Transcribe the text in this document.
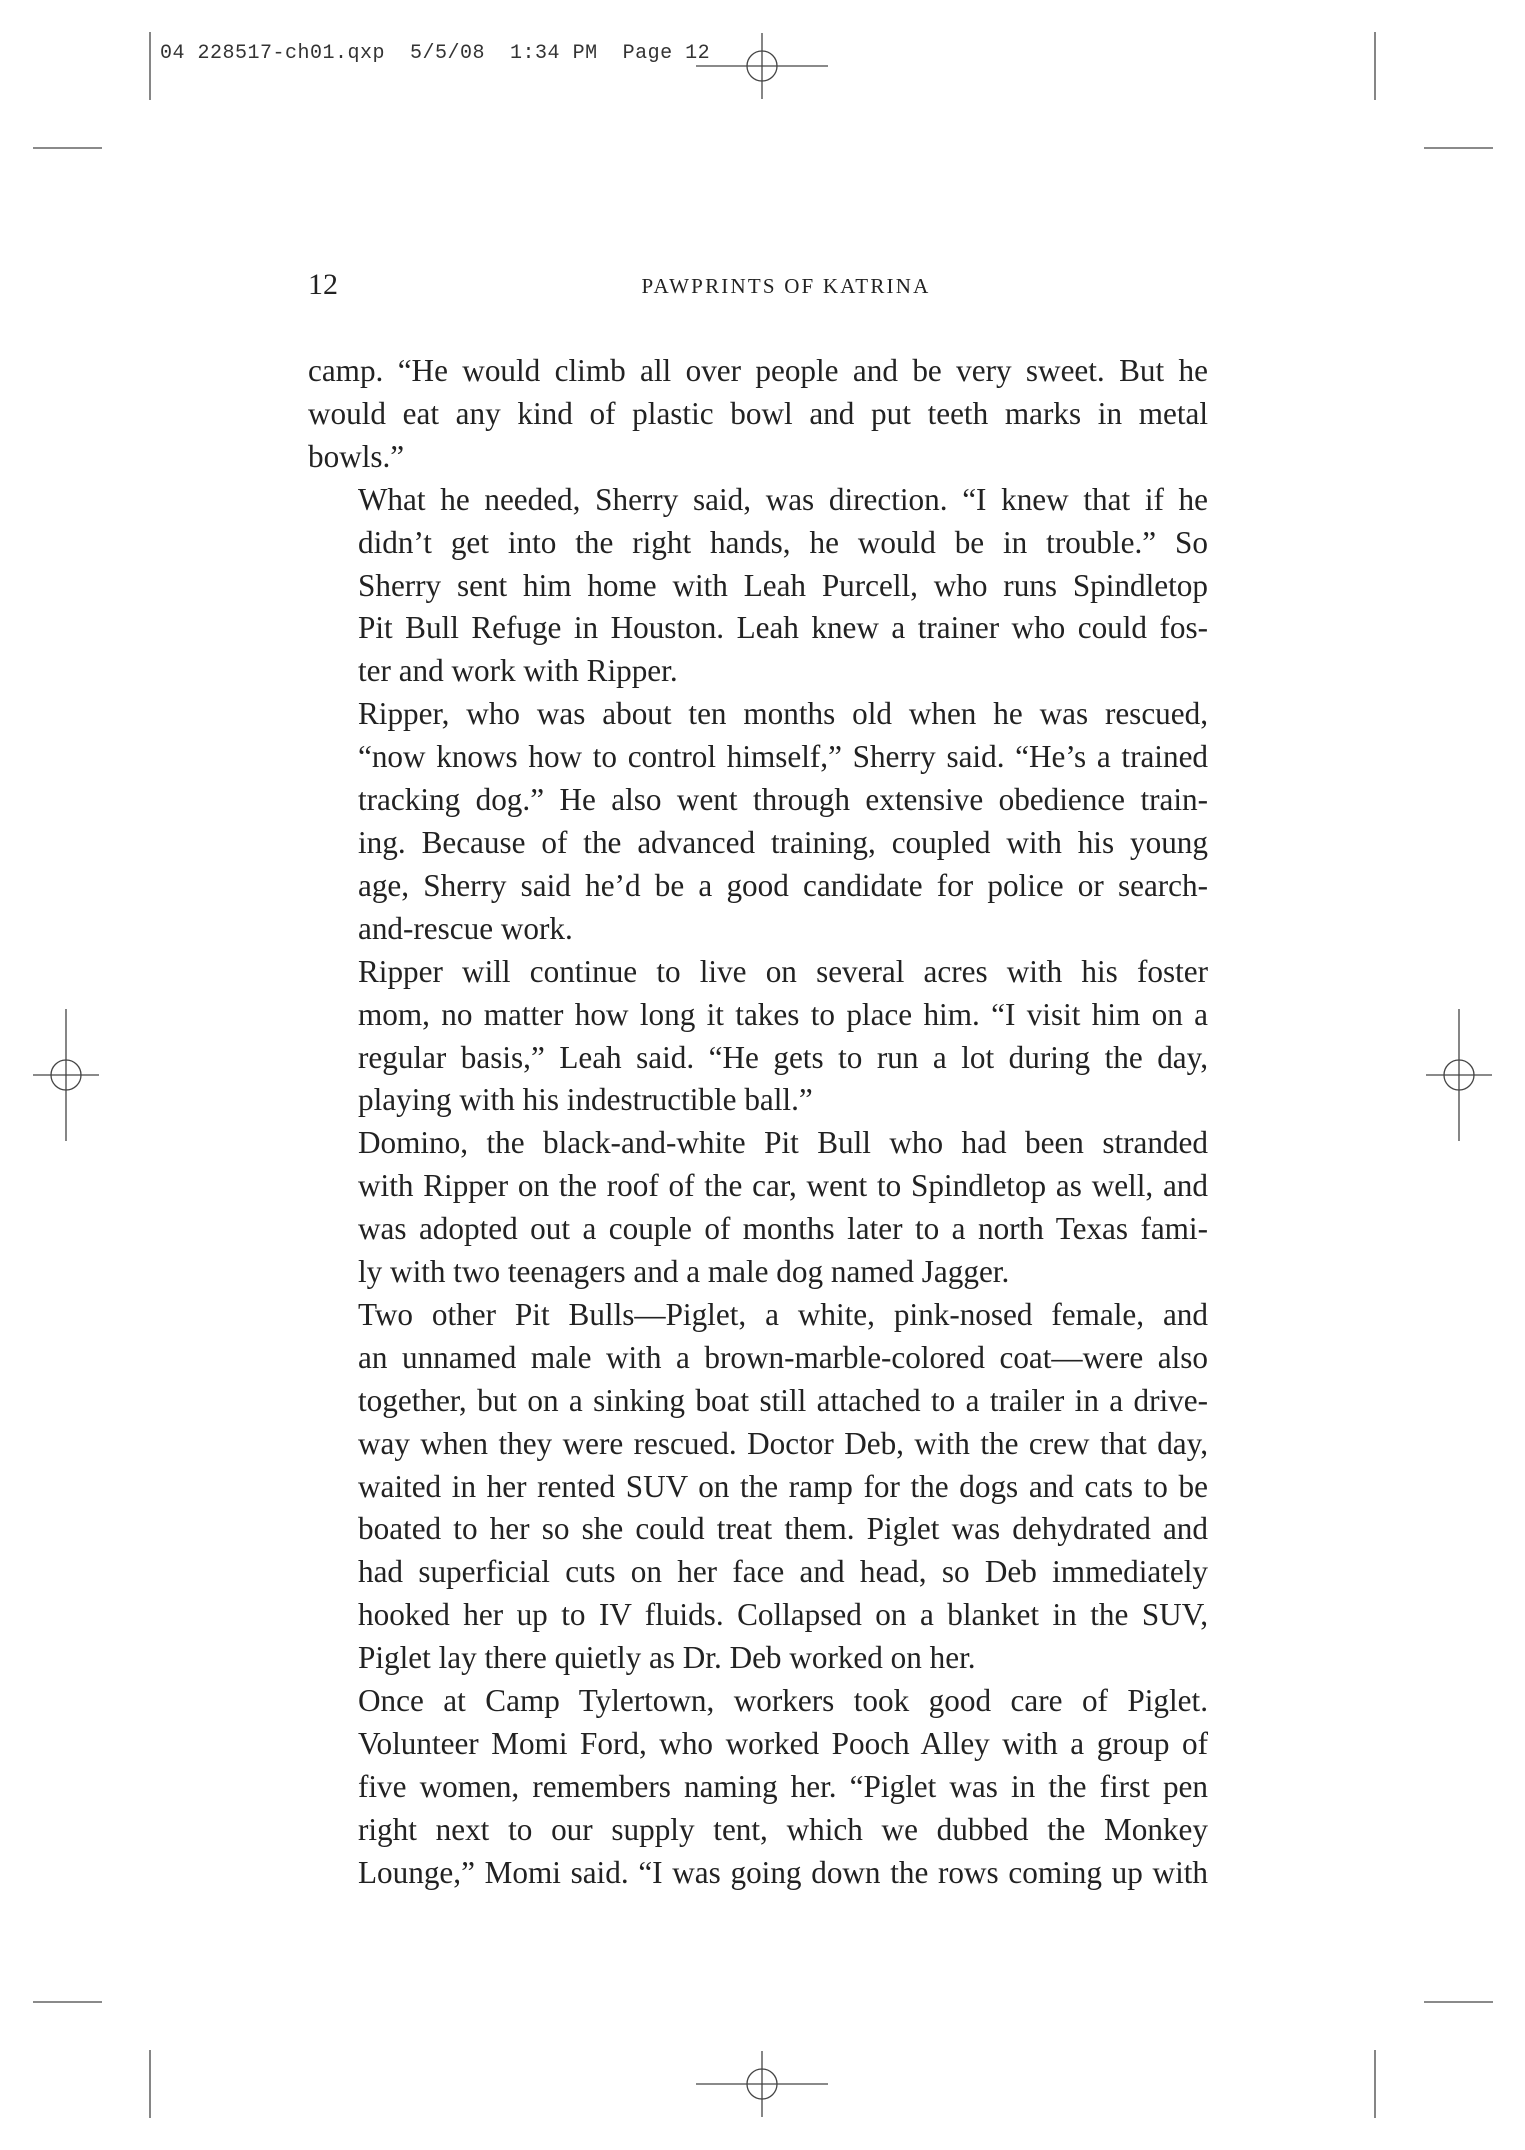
04 228517-ch01.qxp  5/5/08  1:34 PM  Page 12

12	PAWPRINTS OF KATRINA

camp. “He would climb all over people and be very sweet. But he
would eat any kind of plastic bowl and put teeth marks in metal
bowls.”

What he needed, Sherry said, was direction. “I knew that if he
didn’t get into the right hands, he would be in trouble.” So
Sherry sent him home with Leah Purcell, who runs Spindletop
Pit Bull Refuge in Houston. Leah knew a trainer who could fos-
ter and work with Ripper.

Ripper, who was about ten months old when he was rescued,
“now knows how to control himself,” Sherry said. “He’s a trained
tracking dog.” He also went through extensive obedience train-
ing. Because of the advanced training, coupled with his young
age, Sherry said he’d be a good candidate for police or search-
and-rescue work.

Ripper will continue to live on several acres with his foster
mom, no matter how long it takes to place him. “I visit him on a
regular basis,” Leah said. “He gets to run a lot during the day,
playing with his indestructible ball.”

Domino, the black-and-white Pit Bull who had been stranded
with Ripper on the roof of the car, went to Spindletop as well, and
was adopted out a couple of months later to a north Texas fami-
ly with two teenagers and a male dog named Jagger.

Two other Pit Bulls—Piglet, a white, pink-nosed female, and
an unnamed male with a brown-marble-colored coat—were also
together, but on a sinking boat still attached to a trailer in a drive-
way when they were rescued. Doctor Deb, with the crew that day,
waited in her rented SUV on the ramp for the dogs and cats to be
boated to her so she could treat them. Piglet was dehydrated and
had superficial cuts on her face and head, so Deb immediately
hooked her up to IV fluids. Collapsed on a blanket in the SUV,
Piglet lay there quietly as Dr. Deb worked on her.

Once at Camp Tylertown, workers took good care of Piglet.
Volunteer Momi Ford, who worked Pooch Alley with a group of
five women, remembers naming her. “Piglet was in the first pen
right next to our supply tent, which we dubbed the Monkey
Lounge,” Momi said. “I was going down the rows coming up with
